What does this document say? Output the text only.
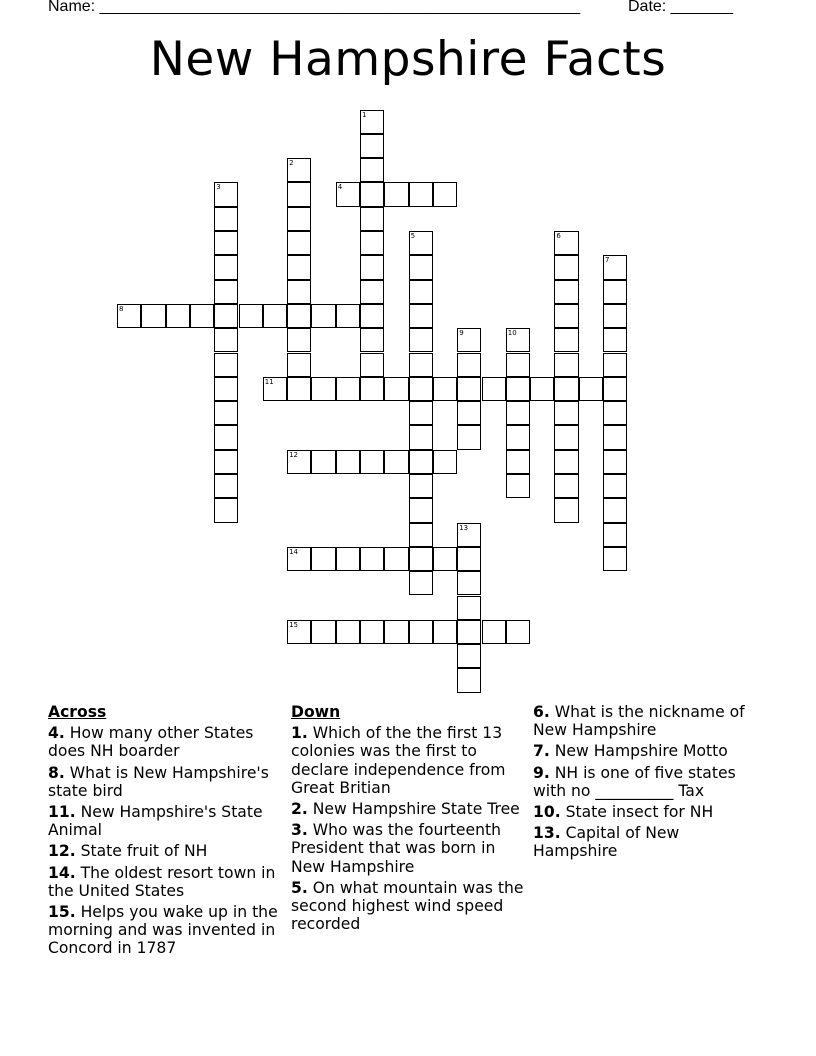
Name: ______________________________________________________	Date: _______
New Hampshire Facts
1
2
3	4
5	6
7
8
9	10
11
12
13
14
15
Across
4. How many other States does NH boarder
8. What is New Hampshire's state bird
11. New Hampshire's State Animal
12. State fruit of NH
14. The oldest resort town in the United States
15. Helps you wake up in the morning and was invented in Concord in 1787
Down
1. Which of the the first 13 colonies was the first to declare independence from Great Britian
2. New Hampshire State Tree
3. Who was the fourteenth President that was born in New Hampshire
5. On what mountain was the second highest wind speed recorded
6. What is the nickname of New Hampshire
7. New Hampshire Motto
9. NH is one of five states with no __________ Tax
10. State insect for NH
13. Capital of New Hampshire
